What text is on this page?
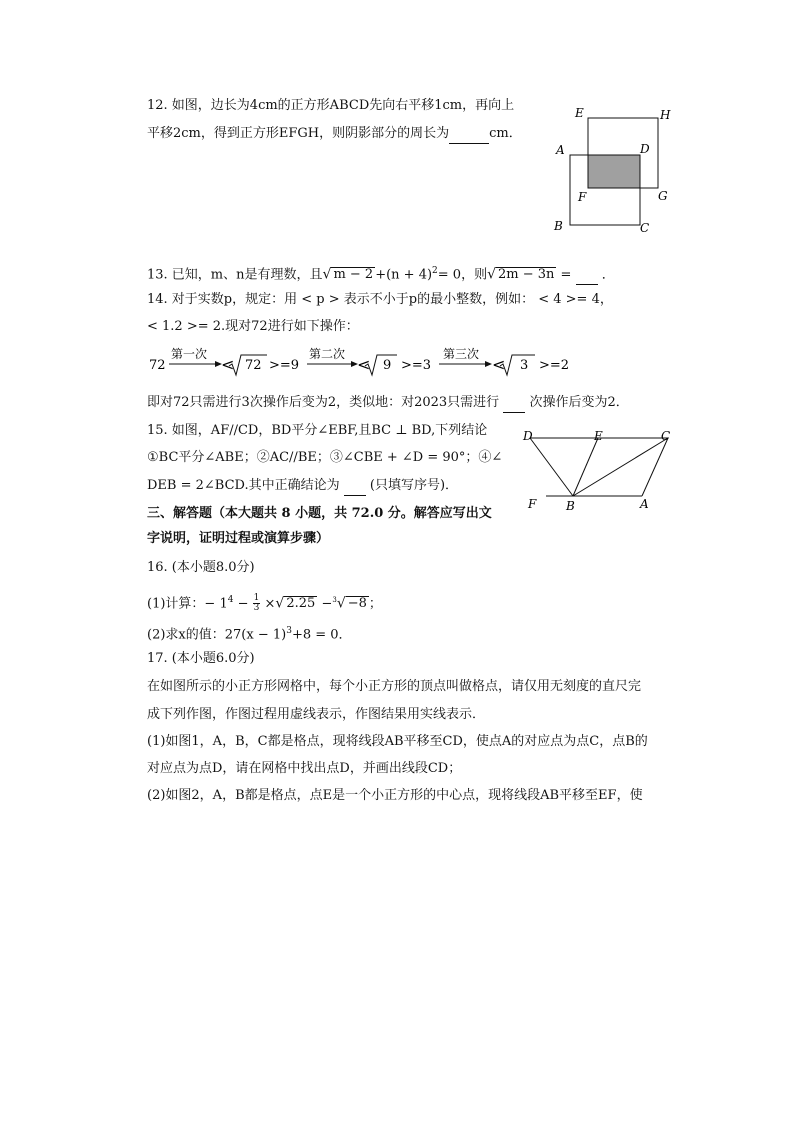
12. 如图，边长为4cm的正方形ABCD先向右平移1cm，再向上
平移2cm，得到正方形EFGH，则阴影部分的周长为	cm．
A
B	C
D
E
F	G
H
13. 已知，m、n是有理数，且√ $m - 2 +(n + 4)^2= 0$，则√ 2m − 3n = ．
14. 对于实数p，规定：用 < p > 表示不小于p的最小整数，例如： < 4 >= 4，
< 1.2 >= 2.现对72进行如下操作：
72
第一次
< 72 >=9
第二次
< 9 >=3
第三次
< 3 >=2
即对72只需进行3次操作后变为2，类似地：对2023只需进行 次操作后变为2．
15. 如图，AF//CD，BD平分∠EBF,且BC ⊥ BD,下列结论
①BC平分∠ABE；②AC//BE；③∠CBE + ∠D = 90°；④∠
DEB = 2∠BCD.其中正确结论为 (只填写序号)．
D	E	C
F B	A
三、解答题（本大题共 8 小题，共 72.0 分。解答应写出文
字说明，证明过程或演算步骤）
16. (本小题8.0分)
(1)计算：− $1^4 - \frac{1}{3}$ ×√ 2.25 −$^3$√ −8 ；
(2)求x的值：$27(x - 1)^3+8 = 0$．
17. (本小题6.0分)
在如图所示的小正方形网格中，每个小正方形的顶点叫做格点，请仅用无刻度的直尺完
成下列作图，作图过程用虚线表示，作图结果用实线表示．
(1)如图1，A，B，C都是格点，现将线段AB平移至CD，使点A的对应点为点C，点B的
对应点为点D，请在网格中找出点D，并画出线段CD；
(2)如图2，A，B都是格点，点E是一个小正方形的中心点，现将线段AB平移至EF，使
